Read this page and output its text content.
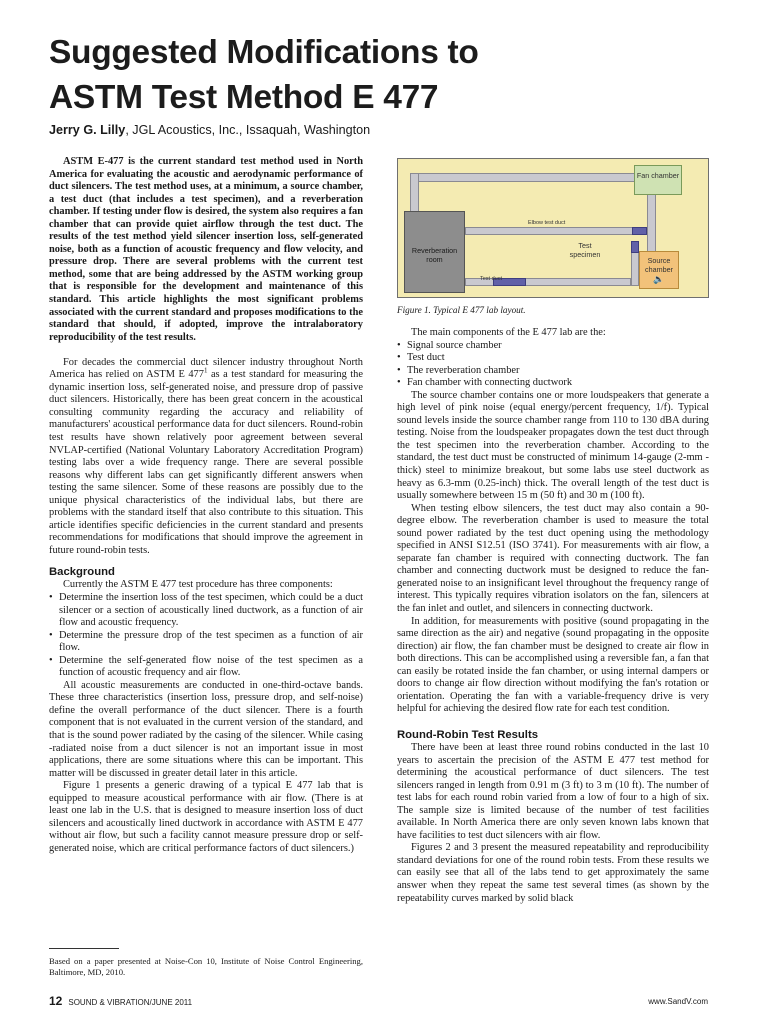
Suggested Modifications to
ASTM Test Method E 477
Jerry G. Lilly, JGL Acoustics, Inc., Issaquah, Washington

ASTM E-477 is the current standard test method used in North America for evaluating the acoustic and aerodynamic performance of duct silencers. The test method uses, at a minimum, a source chamber, a test duct (that includes a test specimen), and a reverberation chamber. If testing under flow is desired, the system also requires a fan chamber that can provide quiet airflow through the test duct. The results of the test method yield silencer insertion loss, self-generated noise, both as a function of acoustic frequency and flow velocity, and pressure drop. There are several problems with the current test method, some that are being addressed by the ASTM working group that is responsible for the development and maintenance of this standard. This article highlights the most significant problems associated with the current standard and proposes modifications to the standard that should, if adopted, improve the intralaboratory reproducibility of the test results.

For decades the commercial duct silencer industry throughout North America has relied on ASTM E $477^1$ as a test standard for measuring the dynamic insertion loss, self-generated noise, and pressure drop of passive duct silencers. Historically, there has been great concern in the acoustical consulting community regarding the accuracy and reliability of manufacturers' acoustical performance data for duct silencers. Round-robin test results have shown relatively poor agreement between several NVLAP-certified (National Voluntary Laboratory Accreditation Program) testing labs over a wide frequency range. There are several possible reasons why different labs can get significantly different answers when testing the same silencer. Some of these reasons are possibly due to the unique physical characteristics of the individual labs, but there are problems with the standard itself that also contribute to this situation. This article identifies specific deficiencies in the current standard and presents recommendations for modifications that should improve the agreement in future round-robin tests.

Background

Currently the ASTM E 477 test procedure has three components:

• Determine the insertion loss of the test specimen, which could be a duct silencer or a section of acoustically lined ductwork, as a function of air flow and acoustic frequency.
• Determine the pressure drop of the test specimen as a function of air flow.
• Determine the self-generated flow noise of the test specimen as a function of acoustic frequency and air flow.

All acoustic measurements are conducted in one-third-octave bands. These three characteristics (insertion loss, pressure drop, and self-noise) define the overall performance of the duct silencer. There is a fourth component that is not evaluated in the current version of the standard, and that is the sound power radiated by the casing of the silencer. While casing -radiated noise from a duct silencer is not an important issue in most applications, there are some situations where this can be important. This matter will be discussed in greater detail later in this article.

Figure 1 presents a generic drawing of a typical E 477 lab that is equipped to measure acoustical performance with air flow. (There is at least one lab in the U.S. that is designed to measure insertion loss of duct silencers and acoustically lined ductwork in accordance with ASTM E 477 without air flow, but such a facility cannot measure pressure drop or self-generated noise, which are critical performance factors of duct silencers.)

Based on a paper presented at Noise-Con 10, Institute of Noise Control Engineering, Baltimore, MD, 2010.
Fan chamber
Reverberation room	Source chamber
🔈
Elbow test duct
Test duct
Test specimen
Figure 1. Typical E 477 lab layout.

The main components of the E 477 lab are the:

• Signal source chamber
• Test duct
• The reverberation chamber
• Fan chamber with connecting ductwork

The source chamber contains one or more loudspeakers that generate a high level of pink noise (equal energy/percent frequency, 1/f). Typical sound levels inside the source chamber range from 110 to 130 dBA during testing. Noise from the loudspeaker propagates down the test duct through the test specimen into the reverberation chamber. According to the standard, the test duct must be constructed of minimum 14-gauge (2-mm -thick) steel to minimize breakout, but some labs use steel ductwork as heavy as 6.3-mm (0.25-inch) thick. The overall length of the test duct is usually somewhere between 15 m (50 ft) and 30 m (100 ft).

When testing elbow silencers, the test duct may also contain a 90-degree elbow. The reverberation chamber is used to measure the total sound power radiated by the test duct opening using the methodology specified in ANSI S12.51 (ISO 3741). For measurements with air flow, a separate fan chamber is required with connecting ductwork. The fan chamber and connecting ductwork must be designed to reduce the fan-generated noise to an insignificant level throughout the frequency range of interest. This typically requires vibration isolators on the fan, silencers at the fan inlet and outlet, and silencers in connecting ductwork.

In addition, for measurements with positive (sound propagating in the same direction as the air) and negative (sound propagating in the opposite direction) air flow, the fan chamber must be designed to create air flow in both directions. This can be accomplished using a reversible fan, a fan that can easily be rotated inside the fan chamber, or using internal dampers or doors to change air flow direction without modifying the fan's rotation or orientation. Operating the fan with a variable-frequency drive is very helpful for achieving the desired flow rate for each test condition.

Round-Robin Test Results

There have been at least three round robins conducted in the last 10 years to ascertain the precision of the ASTM E 477 test method for determining the acoustical performance of duct silencers. The test silencers ranged in length from 0.91 m (3 ft) to 3 m (10 ft). The number of test labs for each round robin varied from a low of four to a high of six. The sample size is limited because of the number of test facilities available. In North America there are only seven known labs known that have facilities to test duct silencers with air flow.

Figures 2 and 3 present the measured repeatability and reproducibility standard deviations for one of the round robin tests. From these results we can easily see that all of the labs tend to get approximately the same answer when they repeat the same test several times (as shown by the repeatability curves marked by solid black

12 SOUND & VIBRATION/JUNE 2011	www.SandV.com
